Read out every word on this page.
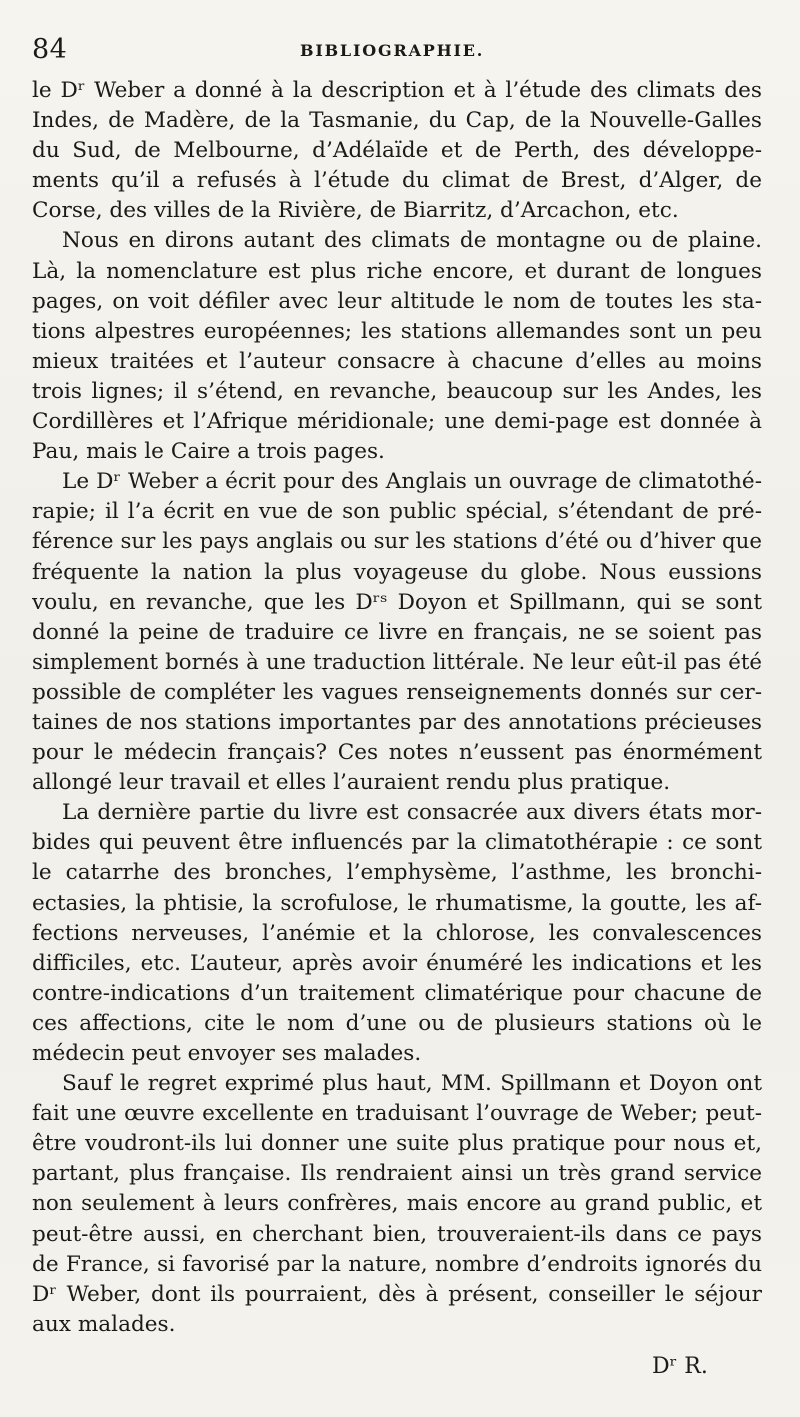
84	BIBLIOGRAPHIE.
le Dʳ Weber a donné à la description et à l’étude des climats des
Indes, de Madère, de la Tasmanie, du Cap, de la Nouvelle-Galles
du Sud, de Melbourne, d’Adélaïde et de Perth, des développe-
ments qu’il a refusés à l’étude du climat de Brest, d’Alger, de
Corse, des villes de la Rivière, de Biarritz, d’Arcachon, etc.
Nous en dirons autant des climats de montagne ou de plaine.
Là, la nomenclature est plus riche encore, et durant de longues
pages, on voit défiler avec leur altitude le nom de toutes les sta-
tions alpestres européennes; les stations allemandes sont un peu
mieux traitées et l’auteur consacre à chacune d’elles au moins
trois lignes; il s’étend, en revanche, beaucoup sur les Andes, les
Cordillères et l’Afrique méridionale; une demi-page est donnée à
Pau, mais le Caire a trois pages.
Le Dʳ Weber a écrit pour des Anglais un ouvrage de climatothé-
rapie; il l’a écrit en vue de son public spécial, s’étendant de pré-
férence sur les pays anglais ou sur les stations d’été ou d’hiver que
fréquente la nation la plus voyageuse du globe. Nous eussions
voulu, en revanche, que les Dʳˢ Doyon et Spillmann, qui se sont
donné la peine de traduire ce livre en français, ne se soient pas
simplement bornés à une traduction littérale. Ne leur eût-il pas été
possible de compléter les vagues renseignements donnés sur cer-
taines de nos stations importantes par des annotations précieuses
pour le médecin français? Ces notes n’eussent pas énormément
allongé leur travail et elles l’auraient rendu plus pratique.
La dernière partie du livre est consacrée aux divers états mor-
bides qui peuvent être influencés par la climatothérapie : ce sont
le catarrhe des bronches, l’emphysème, l’asthme, les bronchi-
ectasies, la phtisie, la scrofulose, le rhumatisme, la goutte, les af-
fections nerveuses, l’anémie et la chlorose, les convalescences
difficiles, etc. L’auteur, après avoir énuméré les indications et les
contre-indications d’un traitement climatérique pour chacune de
ces affections, cite le nom d’une ou de plusieurs stations où le
médecin peut envoyer ses malades.
Sauf le regret exprimé plus haut, MM. Spillmann et Doyon ont
fait une œuvre excellente en traduisant l’ouvrage de Weber; peut-
être voudront-ils lui donner une suite plus pratique pour nous et,
partant, plus française. Ils rendraient ainsi un très grand service
non seulement à leurs confrères, mais encore au grand public, et
peut-être aussi, en cherchant bien, trouveraient-ils dans ce pays
de France, si favorisé par la nature, nombre d’endroits ignorés du
Dʳ Weber, dont ils pourraient, dès à présent, conseiller le séjour
aux malades.
Dʳ R.
